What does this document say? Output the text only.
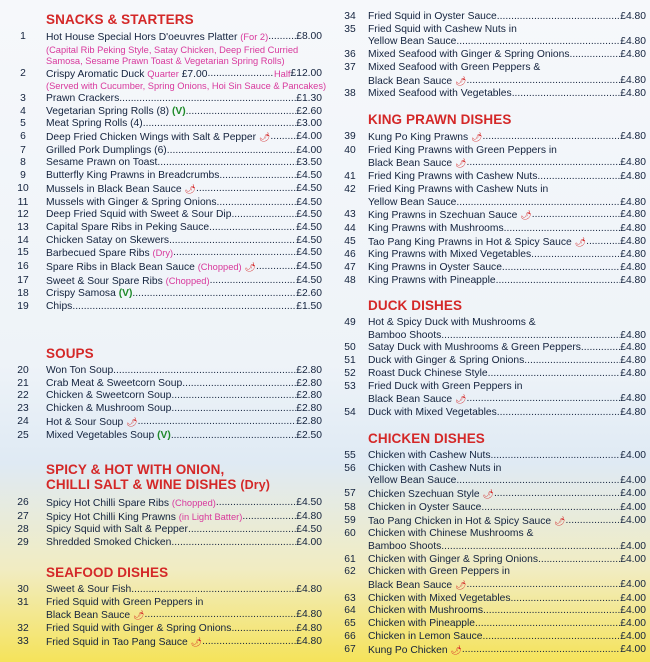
SNACKS & STARTERS
1	Hot House Special Hors D'oeuvres Platter (For 2) .....	£8.00
(Capital Rib Peking Style, Satay Chicken, Deep Fried Curried
Samosa, Sesame Prawn Toast & Vegetarian Spring Rolls)
2	Crispy Aromatic Duck Quarter £7.00 .....	Half £12.00
(Served with Cucumber, Spring Onions, Hoi Sin Sauce & Pancakes)
3	Prawn Crackers .....	£1.30
4	Vegetarian Spring Rolls (8) (V) .....	£2.60
5	Meat Spring Rolls (4) .....	£3.00
6	Deep Fried Chicken Wings with Salt & Pepper 🌶 .....	£4.00
7	Grilled Pork Dumplings (6) .....	£4.00
8	Sesame Prawn on Toast .....	£3.50
9	Butterfly King Prawns in Breadcrumbs .....	£4.50
10	Mussels in Black Bean Sauce 🌶 .....	£4.50
11	Mussels with Ginger & Spring Onions .....	£4.50
12	Deep Fried Squid with Sweet & Sour Dip .....	£4.50
13	Capital Spare Ribs in Peking Sauce .....	£4.50
14	Chicken Satay on Skewers .....	£4.50
15	Barbecued Spare Ribs (Dry) .....	£4.50
16	Spare Ribs in Black Bean Sauce (Chopped) 🌶 .....	£4.50
17	Sweet & Sour Spare Ribs (Chopped) .....	£4.50
18	Crispy Samosa (V) .....	£2.60
19	Chips .....	£1.50
SOUPS
20	Won Ton Soup .....	£2.80
21	Crab Meat & Sweetcorn Soup .....	£2.80
22	Chicken & Sweetcorn Soup .....	£2.80
23	Chicken & Mushroom Soup .....	£2.80
24	Hot & Sour Soup 🌶 .....	£2.80
25	Mixed Vegetables Soup (V) .....	£2.50
SPICY & HOT WITH ONION,
CHILLI SALT & WINE DISHES (Dry)
26	Spicy Hot Chilli Spare Ribs (Chopped) .....	£4.50
27	Spicy Hot Chilli King Prawns (in Light Batter) .....	£4.80
28	Spicy Squid with Salt & Pepper .....	£4.50
29	Shredded Smoked Chicken .....	£4.00
SEAFOOD DISHES
30	Sweet & Sour Fish .....	£4.80
31	Fried Squid with Green Peppers in
Black Bean Sauce 🌶 .....	£4.80
32	Fried Squid with Ginger & Spring Onions .....	£4.80
33	Fried Squid in Tao Pang Sauce 🌶 .....	£4.80
34	Fried Squid in Oyster Sauce .....	£4.80
35	Fried Squid with Cashew Nuts in
Yellow Bean Sauce .....	£4.80
36	Mixed Seafood with Ginger & Spring Onions .....	£4.80
37	Mixed Seafood with Green Peppers &
Black Bean Sauce 🌶 .....	£4.80
38	Mixed Seafood with Vegetables .....	£4.80
KING PRAWN DISHES
39	Kung Po King Prawns 🌶 .....	£4.80
40	Fried King Prawns with Green Peppers in
Black Bean Sauce 🌶 .....	£4.80
41	Fried King Prawns with Cashew Nuts .....	£4.80
42	Fried King Prawns with Cashew Nuts in
Yellow Bean Sauce .....	£4.80
43	King Prawns in Szechuan Sauce 🌶 .....	£4.80
44	King Prawns with Mushrooms .....	£4.80
45	Tao Pang King Prawns in Hot & Spicy Sauce 🌶 .....	£4.80
46	King Prawns with Mixed Vegetables .....	£4.80
47	King Prawns in Oyster Sauce .....	£4.80
48	King Prawns with Pineapple .....	£4.80
DUCK DISHES
49	Hot & Spicy Duck with Mushrooms &
Bamboo Shoots .....	£4.80
50	Satay Duck with Mushrooms & Green Peppers .....	£4.80
51	Duck with Ginger & Spring Onions .....	£4.80
52	Roast Duck Chinese Style .....	£4.80
53	Fried Duck with Green Peppers in
Black Bean Sauce 🌶 .....	£4.80
54	Duck with Mixed Vegetables .....	£4.80
CHICKEN DISHES
55	Chicken with Cashew Nuts .....	£4.00
56	Chicken with Cashew Nuts in
Yellow Bean Sauce .....	£4.00
57	Chicken Szechuan Style 🌶 .....	£4.00
58	Chicken in Oyster Sauce .....	£4.00
59	Tao Pang Chicken in Hot & Spicy Sauce 🌶 .....	£4.00
60	Chicken with Chinese Mushrooms &
Bamboo Shoots .....	£4.00
61	Chicken with Ginger & Spring Onions .....	£4.00
62	Chicken with Green Peppers in
Black Bean Sauce 🌶 .....	£4.00
63	Chicken with Mixed Vegetables .....	£4.00
64	Chicken with Mushrooms .....	£4.00
65	Chicken with Pineapple .....	£4.00
66	Chicken in Lemon Sauce .....	£4.00
67	Kung Po Chicken 🌶 .....	£4.00
